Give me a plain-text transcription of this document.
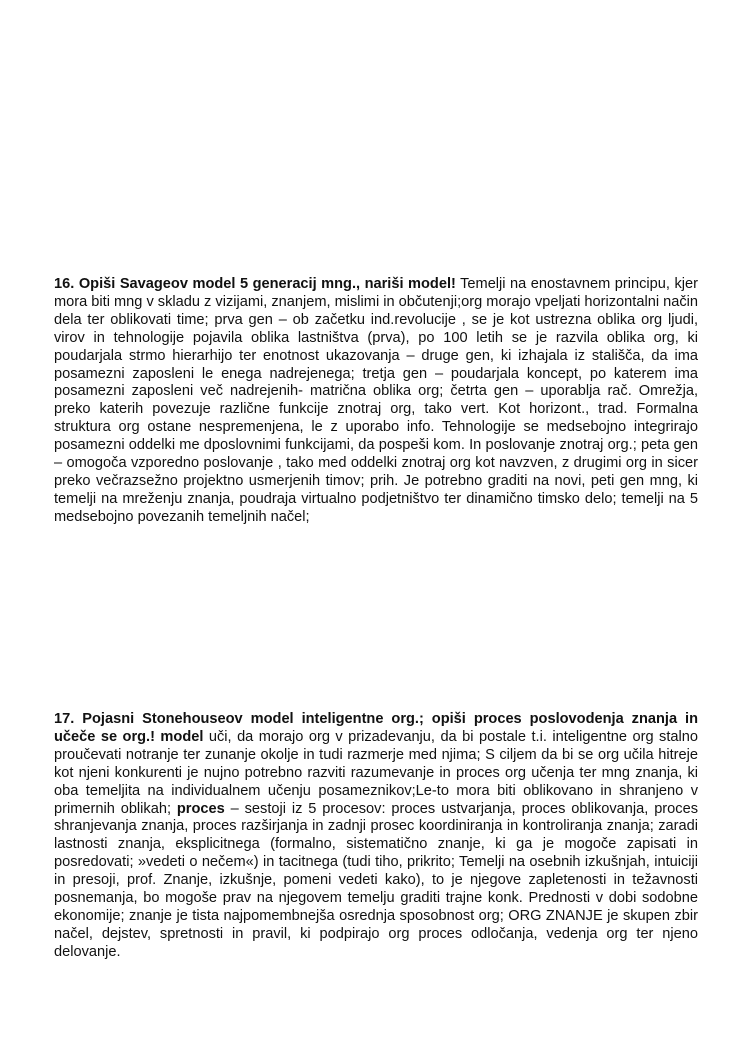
16. Opiši Savageov model 5 generacij mng., nariši model! Temelji na enostavnem principu, kjer mora biti mng v skladu z vizijami, znanjem, mislimi in občutenji;org morajo vpeljati horizontalni način dela ter oblikovati time; prva gen – ob začetku ind.revolucije , se je kot ustrezna oblika org ljudi, virov in tehnologije pojavila oblika lastništva (prva), po 100 letih se je razvila oblika org, ki poudarjala strmo hierarhijo ter enotnost ukazovanja – druge gen, ki izhajala iz stališča, da ima posamezni zaposleni le enega nadrejenega; tretja gen – poudarjala koncept, po katerem ima posamezni zaposleni več nadrejenih- matrična oblika org; četrta gen – uporablja rač. Omrežja, preko katerih povezuje različne funkcije znotraj org, tako vert. Kot horizont., trad. Formalna struktura org ostane nespremenjena, le z uporabo info. Tehnologije se medsebojno integrirajo posamezni oddelki me dposlovnimi funkcijami, da pospeši kom. In poslovanje znotraj org.; peta gen – omogoča vzporedno poslovanje , tako med oddelki znotraj org kot navzven, z drugimi org in sicer preko večrazsežno projektno usmerjenih timov; prih. Je potrebno graditi na novi, peti gen mng, ki temelji na mreženju znanja, poudraja virtualno podjetništvo ter dinamično timsko delo; temelji na 5 medsebojno povezanih temeljnih načel;

17. Pojasni Stonehouseov model inteligentne org.; opiši proces poslovodenja znanja in učeče se org.! model uči, da morajo org v prizadevanju, da bi postale t.i. inteligentne org stalno proučevati notranje ter zunanje okolje in tudi razmerje med njima; S ciljem da bi se org učila hitreje kot njeni konkurenti je nujno potrebno razviti razumevanje in proces org učenja ter mng znanja, ki oba temeljita na individualnem učenju posameznikov;Le-to mora biti oblikovano in shranjeno v primernih oblikah; proces – sestoji iz 5 procesov: proces ustvarjanja, proces oblikovanja, proces shranjevanja znanja, proces razširjanja in zadnji prosec koordiniranja in kontroliranja znanja; zaradi lastnosti znanja, eksplicitnega (formalno, sistematično znanje, ki ga je mogoče zapisati in posredovati; »vedeti o nečem«) in tacitnega (tudi tiho, prikrito; Temelji na osebnih izkušnjah, intuiciji in presoji, prof. Znanje, izkušnje, pomeni vedeti kako), to je njegove zapletenosti in težavnosti posnemanja, bo mogoše prav na njegovem temelju graditi trajne konk. Prednosti v dobi sodobne ekonomije; znanje je tista najpomembnejša osrednja sposobnost org; ORG ZNANJE je skupen zbir načel, dejstev, spretnosti in pravil, ki podpirajo org proces odločanja, vedenja org ter njeno delovanje.
